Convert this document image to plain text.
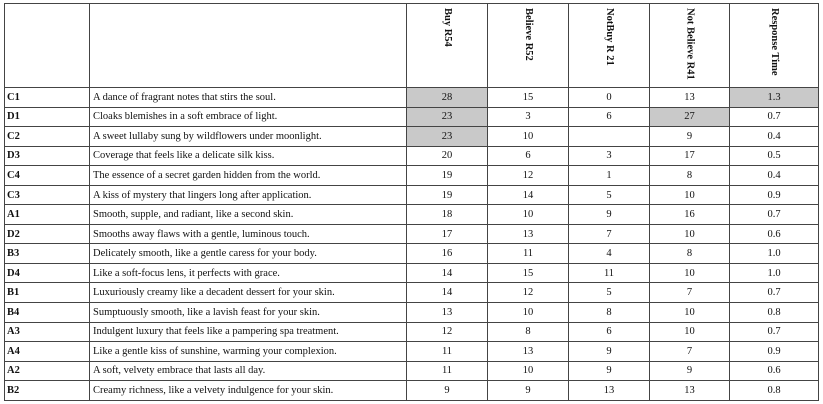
		Buy R54	Believe R52	NotBuy R 21	Not Believe R41	Response Time
C1	A dance of fragrant notes that stirs the soul.	28	15	0	13	1.3
D1	Cloaks blemishes in a soft embrace of light.	23	3	6	27	0.7
C2	A sweet lullaby sung by wildflowers under moonlight.	23	10		9	0.4
D3	Coverage that feels like a delicate silk kiss.	20	6	3	17	0.5
C4	The essence of a secret garden hidden from the world.	19	12	1	8	0.4
C3	A kiss of mystery that lingers long after application.	19	14	5	10	0.9
A1	Smooth, supple, and radiant, like a second skin.	18	10	9	16	0.7
D2	Smooths away flaws with a gentle, luminous touch.	17	13	7	10	0.6
B3	Delicately smooth, like a gentle caress for your body.	16	11	4	8	1.0
D4	Like a soft-focus lens, it perfects with grace.	14	15	11	10	1.0
B1	Luxuriously creamy like a decadent dessert for your skin.	14	12	5	7	0.7
B4	Sumptuously smooth, like a lavish feast for your skin.	13	10	8	10	0.8
A3	Indulgent luxury that feels like a pampering spa treatment.	12	8	6	10	0.7
A4	Like a gentle kiss of sunshine, warming your complexion.	11	13	9	7	0.9
A2	A soft, velvety embrace that lasts all day.	11	10	9	9	0.6
B2	Creamy richness, like a velvety indulgence for your skin.	9	9	13	13	0.8
